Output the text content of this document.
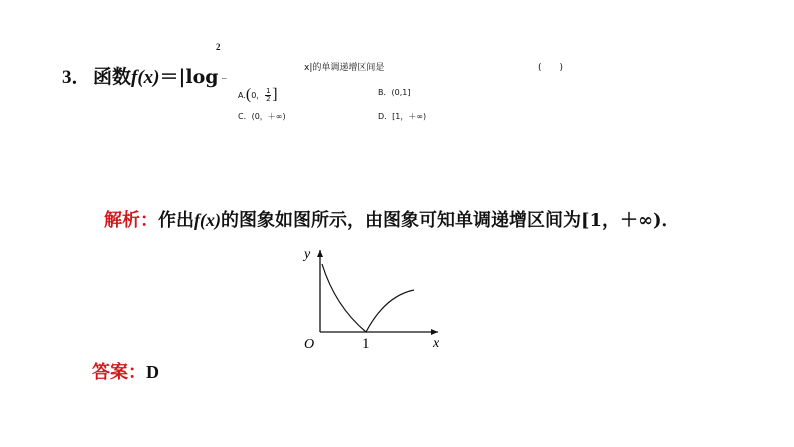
3． 函数f(x)＝|log
2
–
x|的单调递增区间是	(　　)
A. ( 0， $\frac{1}{2}$ ]	B．(0,1]
C．(0，＋∞)	D．[1，＋∞)
解析：作出f(x)的图象如图所示，由图象可知单调递增区间为[1，＋∞)．
y
x
O	1
答案：D
